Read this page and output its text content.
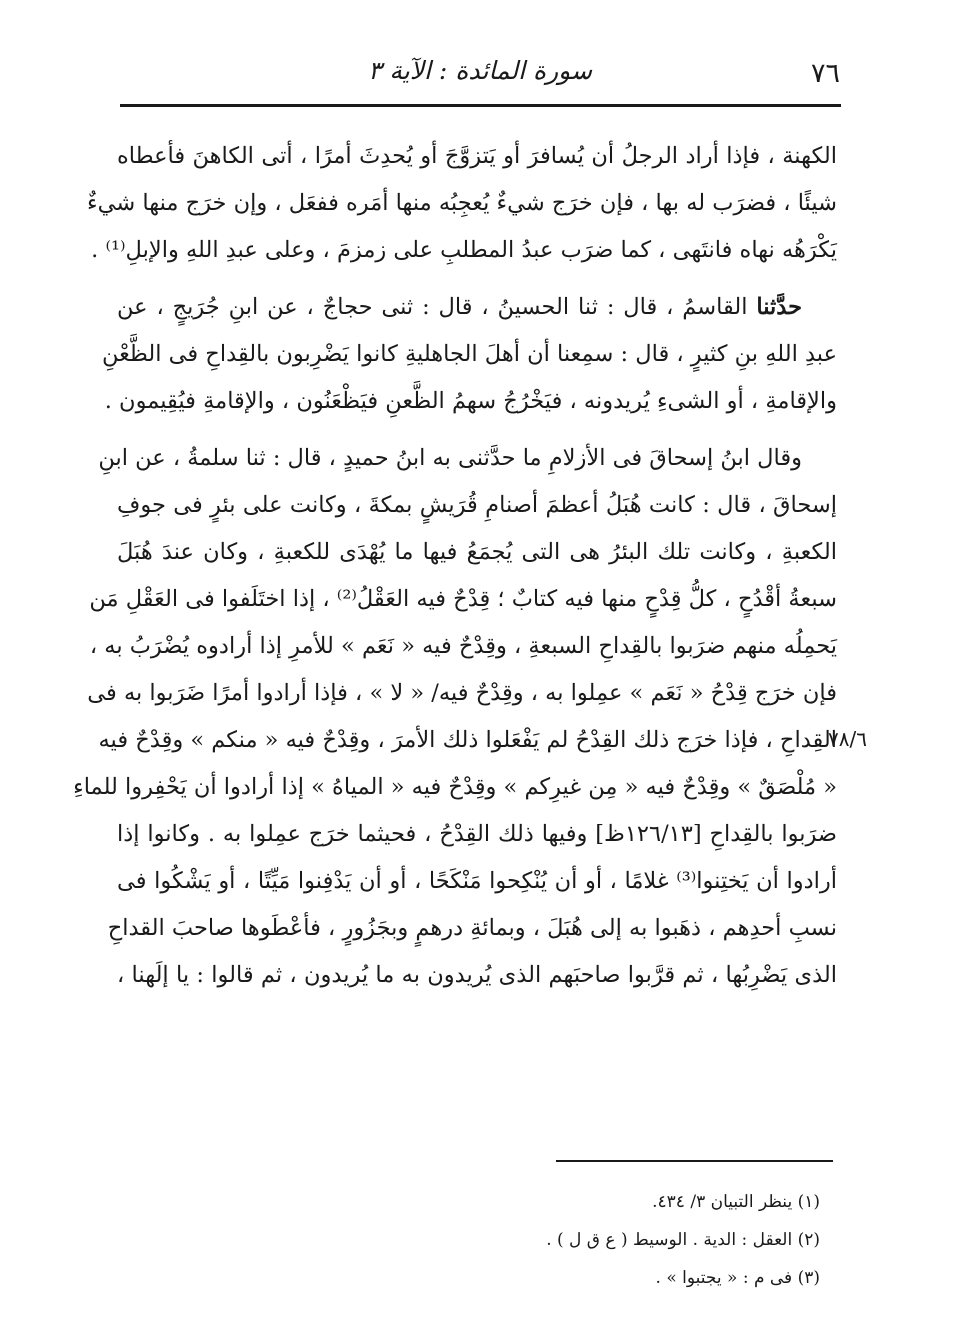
٧٦
سورة المائدة : الآية ٣
الكهنة ، فإذا أراد الرجلُ أن يُسافرَ أو يَتزوَّجَ أو يُحدِثَ أمرًا ، أتى الكاهنَ فأعطاه
شيئًا ، فضرَب له بها ، فإن خرَج شيءٌ يُعجِبُه منها أمَره ففعَل ، وإن خرَج منها شيءٌ
يَكْرَهُه نهاه فانتَهى ، كما ضرَب عبدُ المطلبِ على زمزمَ ، وعلى عبدِ اللهِ والإبلِ⁽¹⁾ .
حدَّثنا القاسمُ ، قال : ثنا الحسينُ ، قال : ثنى حجاجٌ ، عن ابنِ جُرَيجٍ ، عن
عبدِ اللهِ بنِ كثيرٍ ، قال : سمِعنا أن أهلَ الجاهليةِ كانوا يَضْرِبون بالقِداحِ فى الظَّعْنِ
والإقامةِ ، أو الشىءِ يُريدونه ، فيَخْرُجُ سهمُ الظَّعنِ فيَظْعَنُون ، والإقامةِ فيُقِيمون .
وقال ابنُ إسحاقَ فى الأزلامِ ما حدَّثنى به ابنُ حميدٍ ، قال : ثنا سلمةُ ، عن ابنِ
إسحاقَ ، قال : كانت هُبَلُ أعظمَ أصنامِ قُرَيشٍ بمكةَ ، وكانت على بئرٍ فى جوفِ
الكعبةِ ، وكانت تلك البئرُ هى التى يُجمَعُ فيها ما يُهْدَى للكعبةِ ، وكان عندَ هُبَلَ
سبعةُ أقْدُحٍ ، كلُّ قِدْحٍ منها فيه كتابٌ ؛ قِدْحٌ فيه العَقْلُ⁽²⁾ ، إذا اختَلَفوا فى العَقْلِ مَن
يَحمِلُه منهم ضرَبوا بالقِداحِ السبعةِ ، وقِدْحٌ فيه « نَعَم » للأمرِ إذا أرادوه يُضْرَبُ به ،
فإن خرَج قِدْحُ « نَعَم » عمِلوا به ، وقِدْحٌ فيه/ « لا » ، فإذا أرادوا أمرًا ضَرَبوا به فى
القِداحِ ، فإذا خرَج ذلك القِدْحُ لم يَفْعَلوا ذلك الأمرَ ، وقِدْحٌ فيه « منكم » وقِدْحٌ فيه
« مُلْصَقٌ » وقِدْحٌ فيه « مِن غيرِكم » وقِدْحٌ فيه « المياهُ » إذا أرادوا أن يَحْفِروا للماءِ
ضرَبوا بالقِداحِ [١٢٦/١٣ظ] وفيها ذلك القِدْحُ ، فحيثما خرَج عمِلوا به . وكانوا إذا
أرادوا أن يَختِنوا⁽³⁾ غلامًا ، أو أن يُنْكِحوا مَنْكَحًا ، أو أن يَدْفِنوا مَيِّتًا ، أو يَشْكُوا فى
نسبِ أحدِهم ، ذهَبوا به إلى هُبَلَ ، وبمائةِ درهمٍ وبجَزُورٍ ، فأعْطَوها صاحبَ القداحِ
الذى يَضْرِبُها ، ثم قرَّبوا صاحبَهم الذى يُريدون به ما يُريدون ، ثم قالوا : يا إلَهنا ،
٧٨/٦
(١) ينظر التبيان ٣/ ٤٣٤.
(٢) العقل : الدية . الوسيط ( ع ق ل ) .
(٣) فى م : « يجتبوا » .
